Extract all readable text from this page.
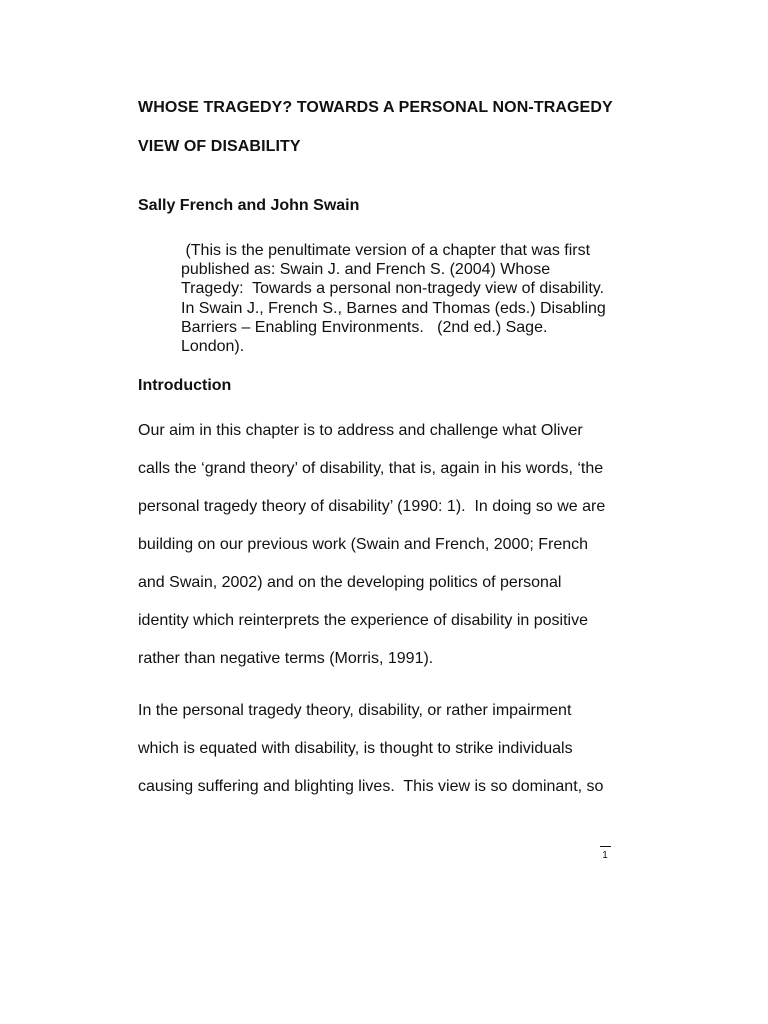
WHOSE TRAGEDY? TOWARDS A PERSONAL NON-TRAGEDY
VIEW OF DISABILITY
Sally French and John Swain
(This is the penultimate version of a chapter that was first
published as: Swain J. and French S. (2004) Whose
Tragedy:  Towards a personal non-tragedy view of disability.
In Swain J., French S., Barnes and Thomas (eds.) Disabling
Barriers – Enabling Environments.   (2nd ed.) Sage.
London).
Introduction
Our aim in this chapter is to address and challenge what Oliver
calls the ‘grand theory’ of disability, that is, again in his words, ‘the
personal tragedy theory of disability’ (1990: 1).  In doing so we are
building on our previous work (Swain and French, 2000; French
and Swain, 2002) and on the developing politics of personal
identity which reinterprets the experience of disability in positive
rather than negative terms (Morris, 1991).
In the personal tragedy theory, disability, or rather impairment
which is equated with disability, is thought to strike individuals
causing suffering and blighting lives.  This view is so dominant, so
1
